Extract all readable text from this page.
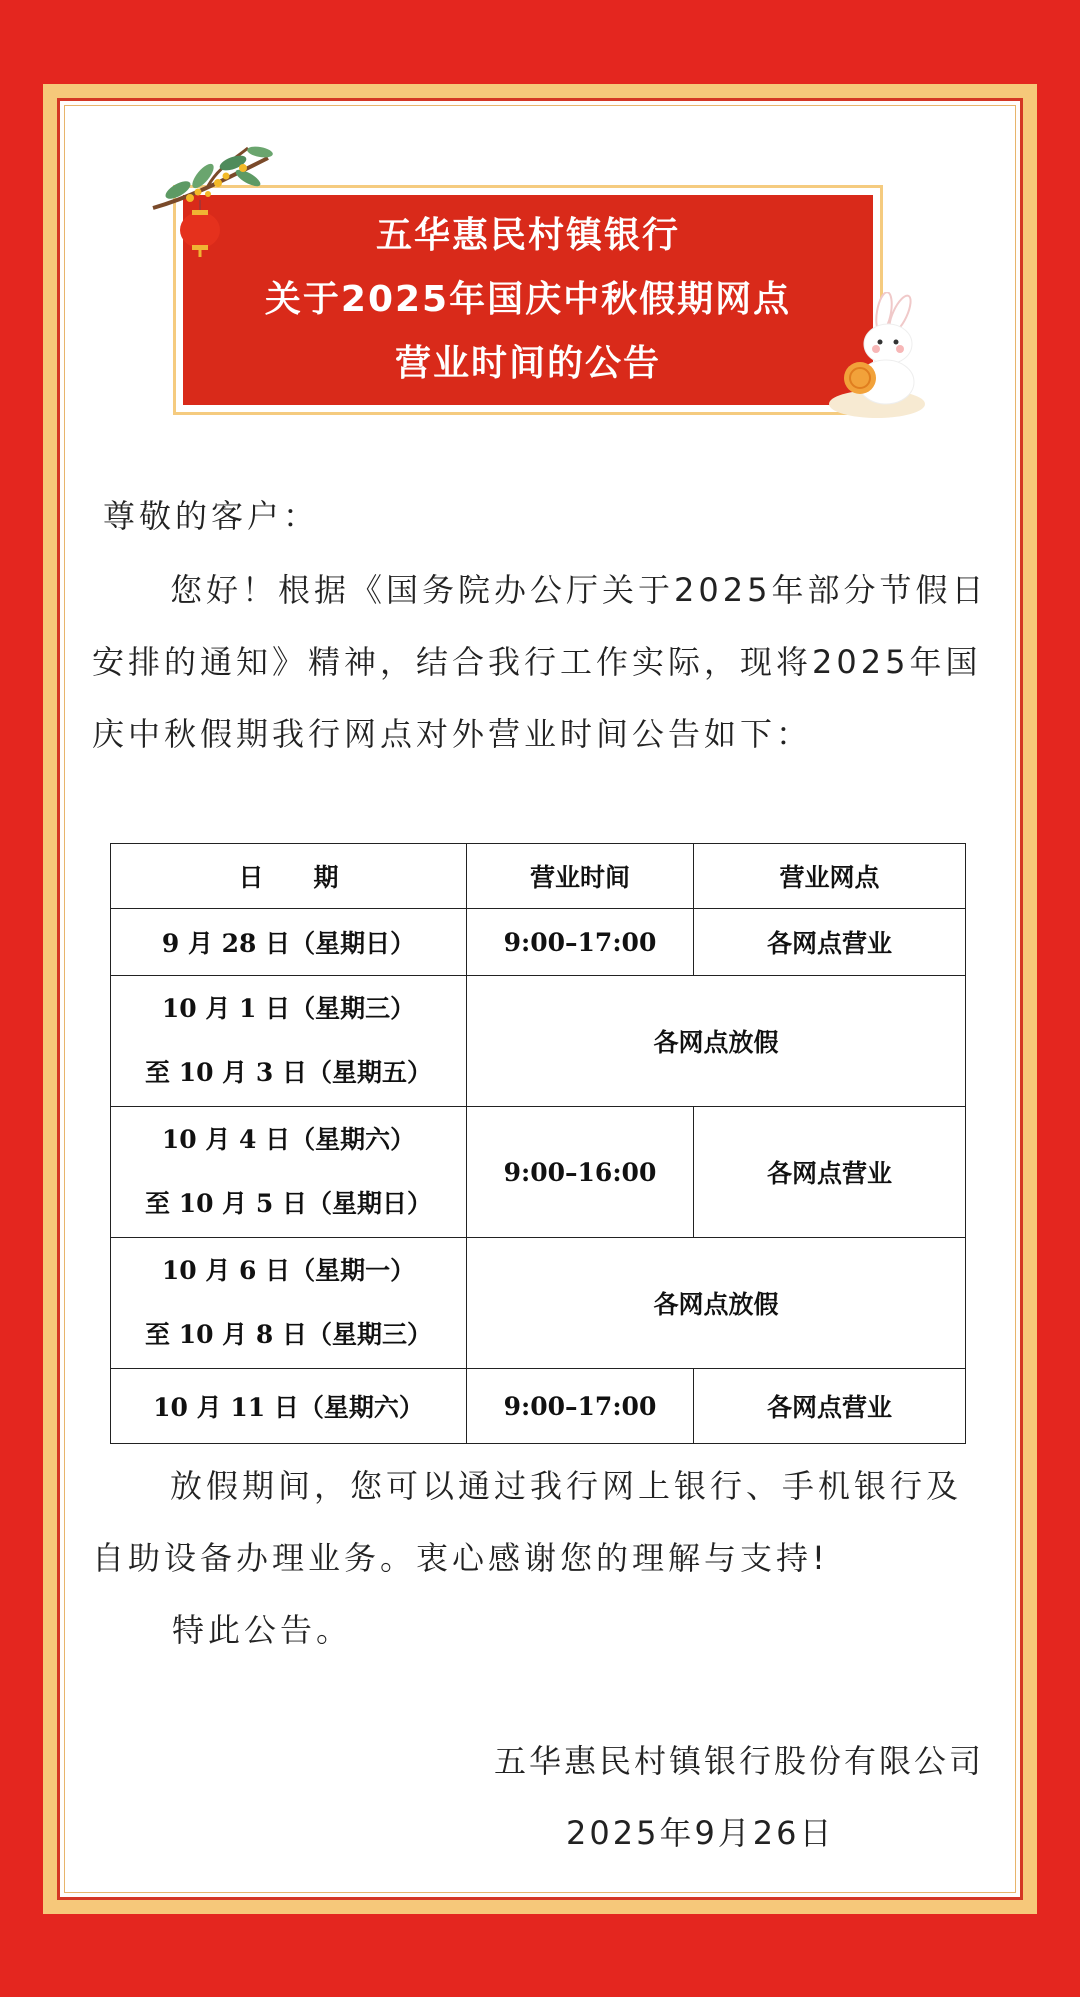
五华惠民村镇银行
关于2025年国庆中秋假期网点
营业时间的公告
尊敬的客户：
您好！根据《国务院办公厅关于2025年部分节假日安排的通知》精神，结合我行工作实际，现将2025年国庆中秋假期我行网点对外营业时间公告如下：
日　　期	营业时间	营业网点
9 月 28 日（星期日）	9:00–17:00	各网点营业

10 月 1 日（星期三）
至 10 月 3 日（星期五）	各网点放假	

10 月 4 日（星期六）
至 10 月 5 日（星期日）	9:00–16:00	各网点营业

10 月 6 日（星期一）
至 10 月 8 日（星期三）	各网点放假	
10 月 11 日（星期六）	9:00–17:00	各网点营业
放假期间，您可以通过我行网上银行、手机银行及自助设备办理业务。衷心感谢您的理解与支持!
特此公告。
五华惠民村镇银行股份有限公司
2025年9月26日
